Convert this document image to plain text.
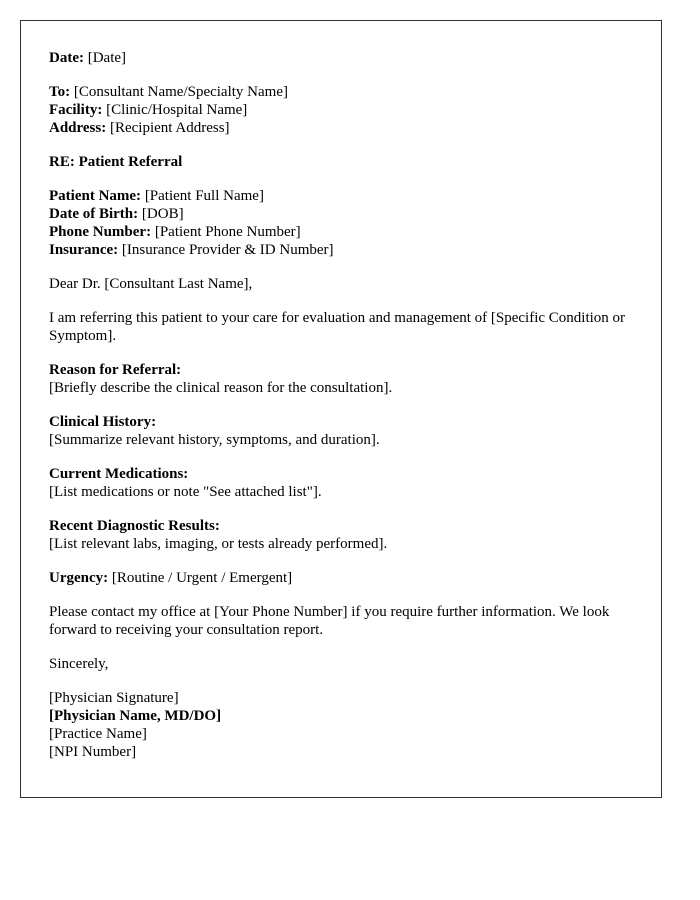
Date: [Date]

To: [Consultant Name/Specialty Name]
Facility: [Clinic/Hospital Name]
Address: [Recipient Address]

RE: Patient Referral

Patient Name: [Patient Full Name]
Date of Birth: [DOB]
Phone Number: [Patient Phone Number]
Insurance: [Insurance Provider & ID Number]

Dear Dr. [Consultant Last Name],

I am referring this patient to your care for evaluation and management of [Specific Condition or Symptom].

Reason for Referral:
[Briefly describe the clinical reason for the consultation].

Clinical History:
[Summarize relevant history, symptoms, and duration].

Current Medications:
[List medications or note "See attached list"].

Recent Diagnostic Results:
[List relevant labs, imaging, or tests already performed].

Urgency: [Routine / Urgent / Emergent]

Please contact my office at [Your Phone Number] if you require further information. We look forward to receiving your consultation report.

Sincerely,

[Physician Signature]
[Physician Name, MD/DO]
[Practice Name]
[NPI Number]
